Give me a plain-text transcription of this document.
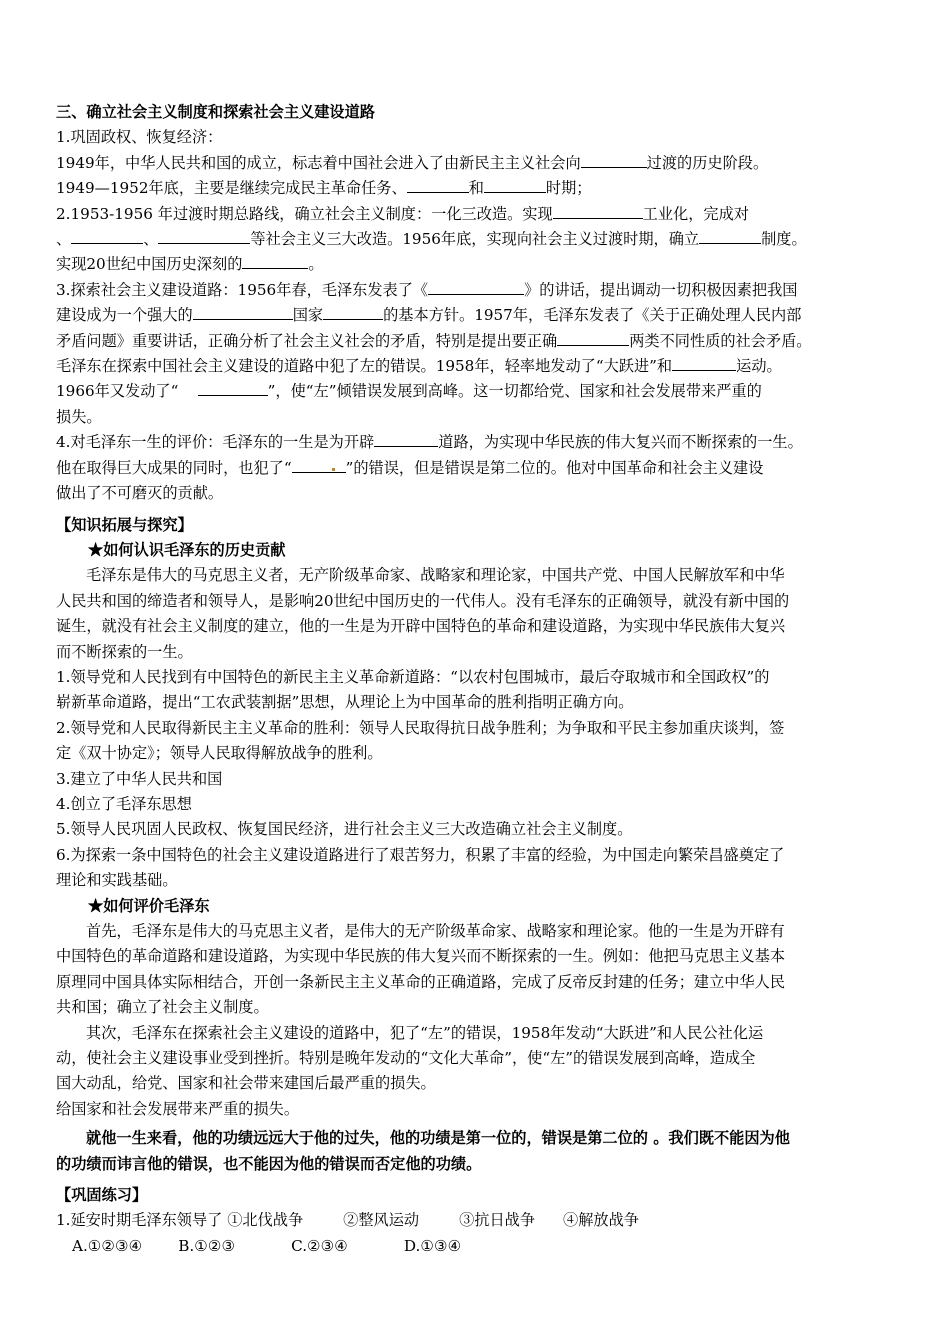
三、确立社会主义制度和探索社会主义建设道路
1.巩固政权、恢复经济：
1949年，中华人民共和国的成立，标志着中国社会进入了由新民主主义社会向	过渡的历史阶段。
1949—1952年底，主要是继续完成民主革命任务、	和	时期；
2.1953-1956 年过渡时期总路线，确立社会主义制度：一化三改造。实现	工业化，完成对
、	、	等社会主义三大改造。1956年底，实现向社会主义过渡时期，确立	制度。
实现20世纪中国历史深刻的	。
3.探索社会主义建设道路：1956年春，毛泽东发表了《	》的讲话，提出调动一切积极因素把我国
建设成为一个强大的	国家	的基本方针。1957年，毛泽东发表了《关于正确处理人民内部
矛盾问题》重要讲话，正确分析了社会主义社会的矛盾，特别是提出要正确	两类不同性质的社会矛盾。
毛泽东在探索中国社会主义建设的道路中犯了左的错误。1958年，轻率地发动了“大跃进”和	运动。
1966年又发动了“	”，使“左”倾错误发展到高峰。这一切都给党、国家和社会发展带来严重的
损失。
4.对毛泽东一生的评价：毛泽东的一生是为开辟	道路，为实现中华民族的伟大复兴而不断探索的一生。
他在取得巨大成果的同时，也犯了“	”的错误，但是错误是第二位的。他对中国革命和社会主义建设
做出了不可磨灭的贡献。
【知识拓展与探究】
★如何认识毛泽东的历史贡献
毛泽东是伟大的马克思主义者，无产阶级革命家、战略家和理论家，中国共产党、中国人民解放军和中华
人民共和国的缔造者和领导人，是影响20世纪中国历史的一代伟人。没有毛泽东的正确领导，就没有新中国的
诞生，就没有社会主义制度的建立，他的一生是为开辟中国特色的革命和建设道路，为实现中华民族伟大复兴
而不断探索的一生。
1.领导党和人民找到有中国特色的新民主主义革命新道路：“以农村包围城市，最后夺取城市和全国政权”的
崭新革命道路，提出“工农武装割据”思想，从理论上为中国革命的胜利指明正确方向。
2.领导党和人民取得新民主主义革命的胜利：领导人民取得抗日战争胜利；为争取和平民主参加重庆谈判，签
定《双十协定》；领导人民取得解放战争的胜利。
3.建立了中华人民共和国
4.创立了毛泽东思想
5.领导人民巩固人民政权、恢复国民经济，进行社会主义三大改造确立社会主义制度。
6.为探索一条中国特色的社会主义建设道路进行了艰苦努力，积累了丰富的经验，为中国走向繁荣昌盛奠定了
理论和实践基础。
★如何评价毛泽东
首先，毛泽东是伟大的马克思主义者，是伟大的无产阶级革命家、战略家和理论家。他的一生是为开辟有
中国特色的革命道路和建设道路，为实现中华民族的伟大复兴而不断探索的一生。例如：他把马克思主义基本
原理同中国具体实际相结合，开创一条新民主主义革命的正确道路，完成了反帝反封建的任务；建立中华人民
共和国；确立了社会主义制度。
其次，毛泽东在探索社会主义建设的道路中，犯了“左”的错误，1958年发动“大跃进”和人民公社化运
动，使社会主义建设事业受到挫折。特别是晚年发动的“文化大革命”，使“左”的错误发展到高峰，造成全
国大动乱，给党、国家和社会带来建国后最严重的损失。
给国家和社会发展带来严重的损失。
就他一生来看，他的功绩远远大于他的过失，他的功绩是第一位的，错误是第二位的 。我们既不能因为他
的功绩而讳言他的错误，也不能因为他的错误而否定他的功绩。
【巩固练习】
1.延安时期毛泽东领导了 ①北伐战争	②整风运动	③抗日战争 ④解放战争
A.①②③④ B.①②③	C.②③④	D.①③④
